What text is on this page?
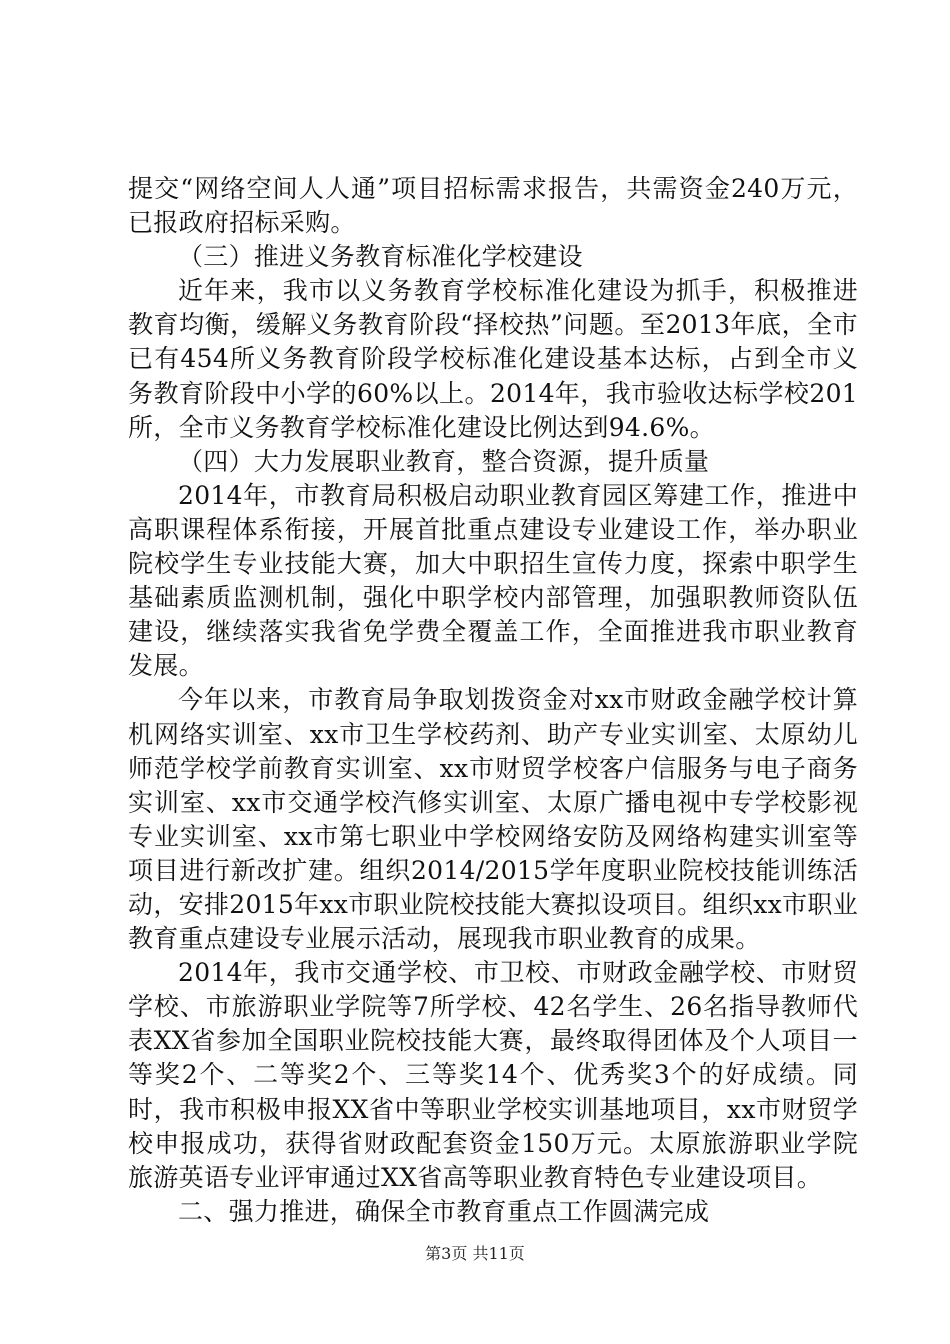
提交“网络空间人人通”项目招标需求报告，共需资金240万元，已报政府招标采购。

（三）推进义务教育标准化学校建设

近年来，我市以义务教育学校标准化建设为抓手，积极推进教育均衡，缓解义务教育阶段“择校热”问题。至2013年底，全市已有454所义务教育阶段学校标准化建设基本达标，占到全市义务教育阶段中小学的60%以上。2014年，我市验收达标学校201所，全市义务教育学校标准化建设比例达到94.6%。

（四）大力发展职业教育，整合资源，提升质量

2014年，市教育局积极启动职业教育园区筹建工作，推进中高职课程体系衔接，开展首批重点建设专业建设工作，举办职业院校学生专业技能大赛，加大中职招生宣传力度，探索中职学生基础素质监测机制，强化中职学校内部管理，加强职教师资队伍建设，继续落实我省免学费全覆盖工作，全面推进我市职业教育发展。

今年以来，市教育局争取划拨资金对xx市财政金融学校计算机网络实训室、xx市卫生学校药剂、助产专业实训室、太原幼儿师范学校学前教育实训室、xx市财贸学校客户信服务与电子商务实训室、xx市交通学校汽修实训室、太原广播电视中专学校影视专业实训室、xx市第七职业中学校网络安防及网络构建实训室等项目进行新改扩建。组织2014/2015学年度职业院校技能训练活动，安排2015年xx市职业院校技能大赛拟设项目。组织xx市职业教育重点建设专业展示活动，展现我市职业教育的成果。

2014年，我市交通学校、市卫校、市财政金融学校、市财贸学校、市旅游职业学院等7所学校、42名学生、26名指导教师代表XX省参加全国职业院校技能大赛，最终取得团体及个人项目一等奖2个、二等奖2个、三等奖14个、优秀奖3个的好成绩。同时，我市积极申报XX省中等职业学校实训基地项目，xx市财贸学校申报成功，获得省财政配套资金150万元。太原旅游职业学院旅游英语专业评审通过XX省高等职业教育特色专业建设项目。

二、强力推进，确保全市教育重点工作圆满完成

第3页 共11页
